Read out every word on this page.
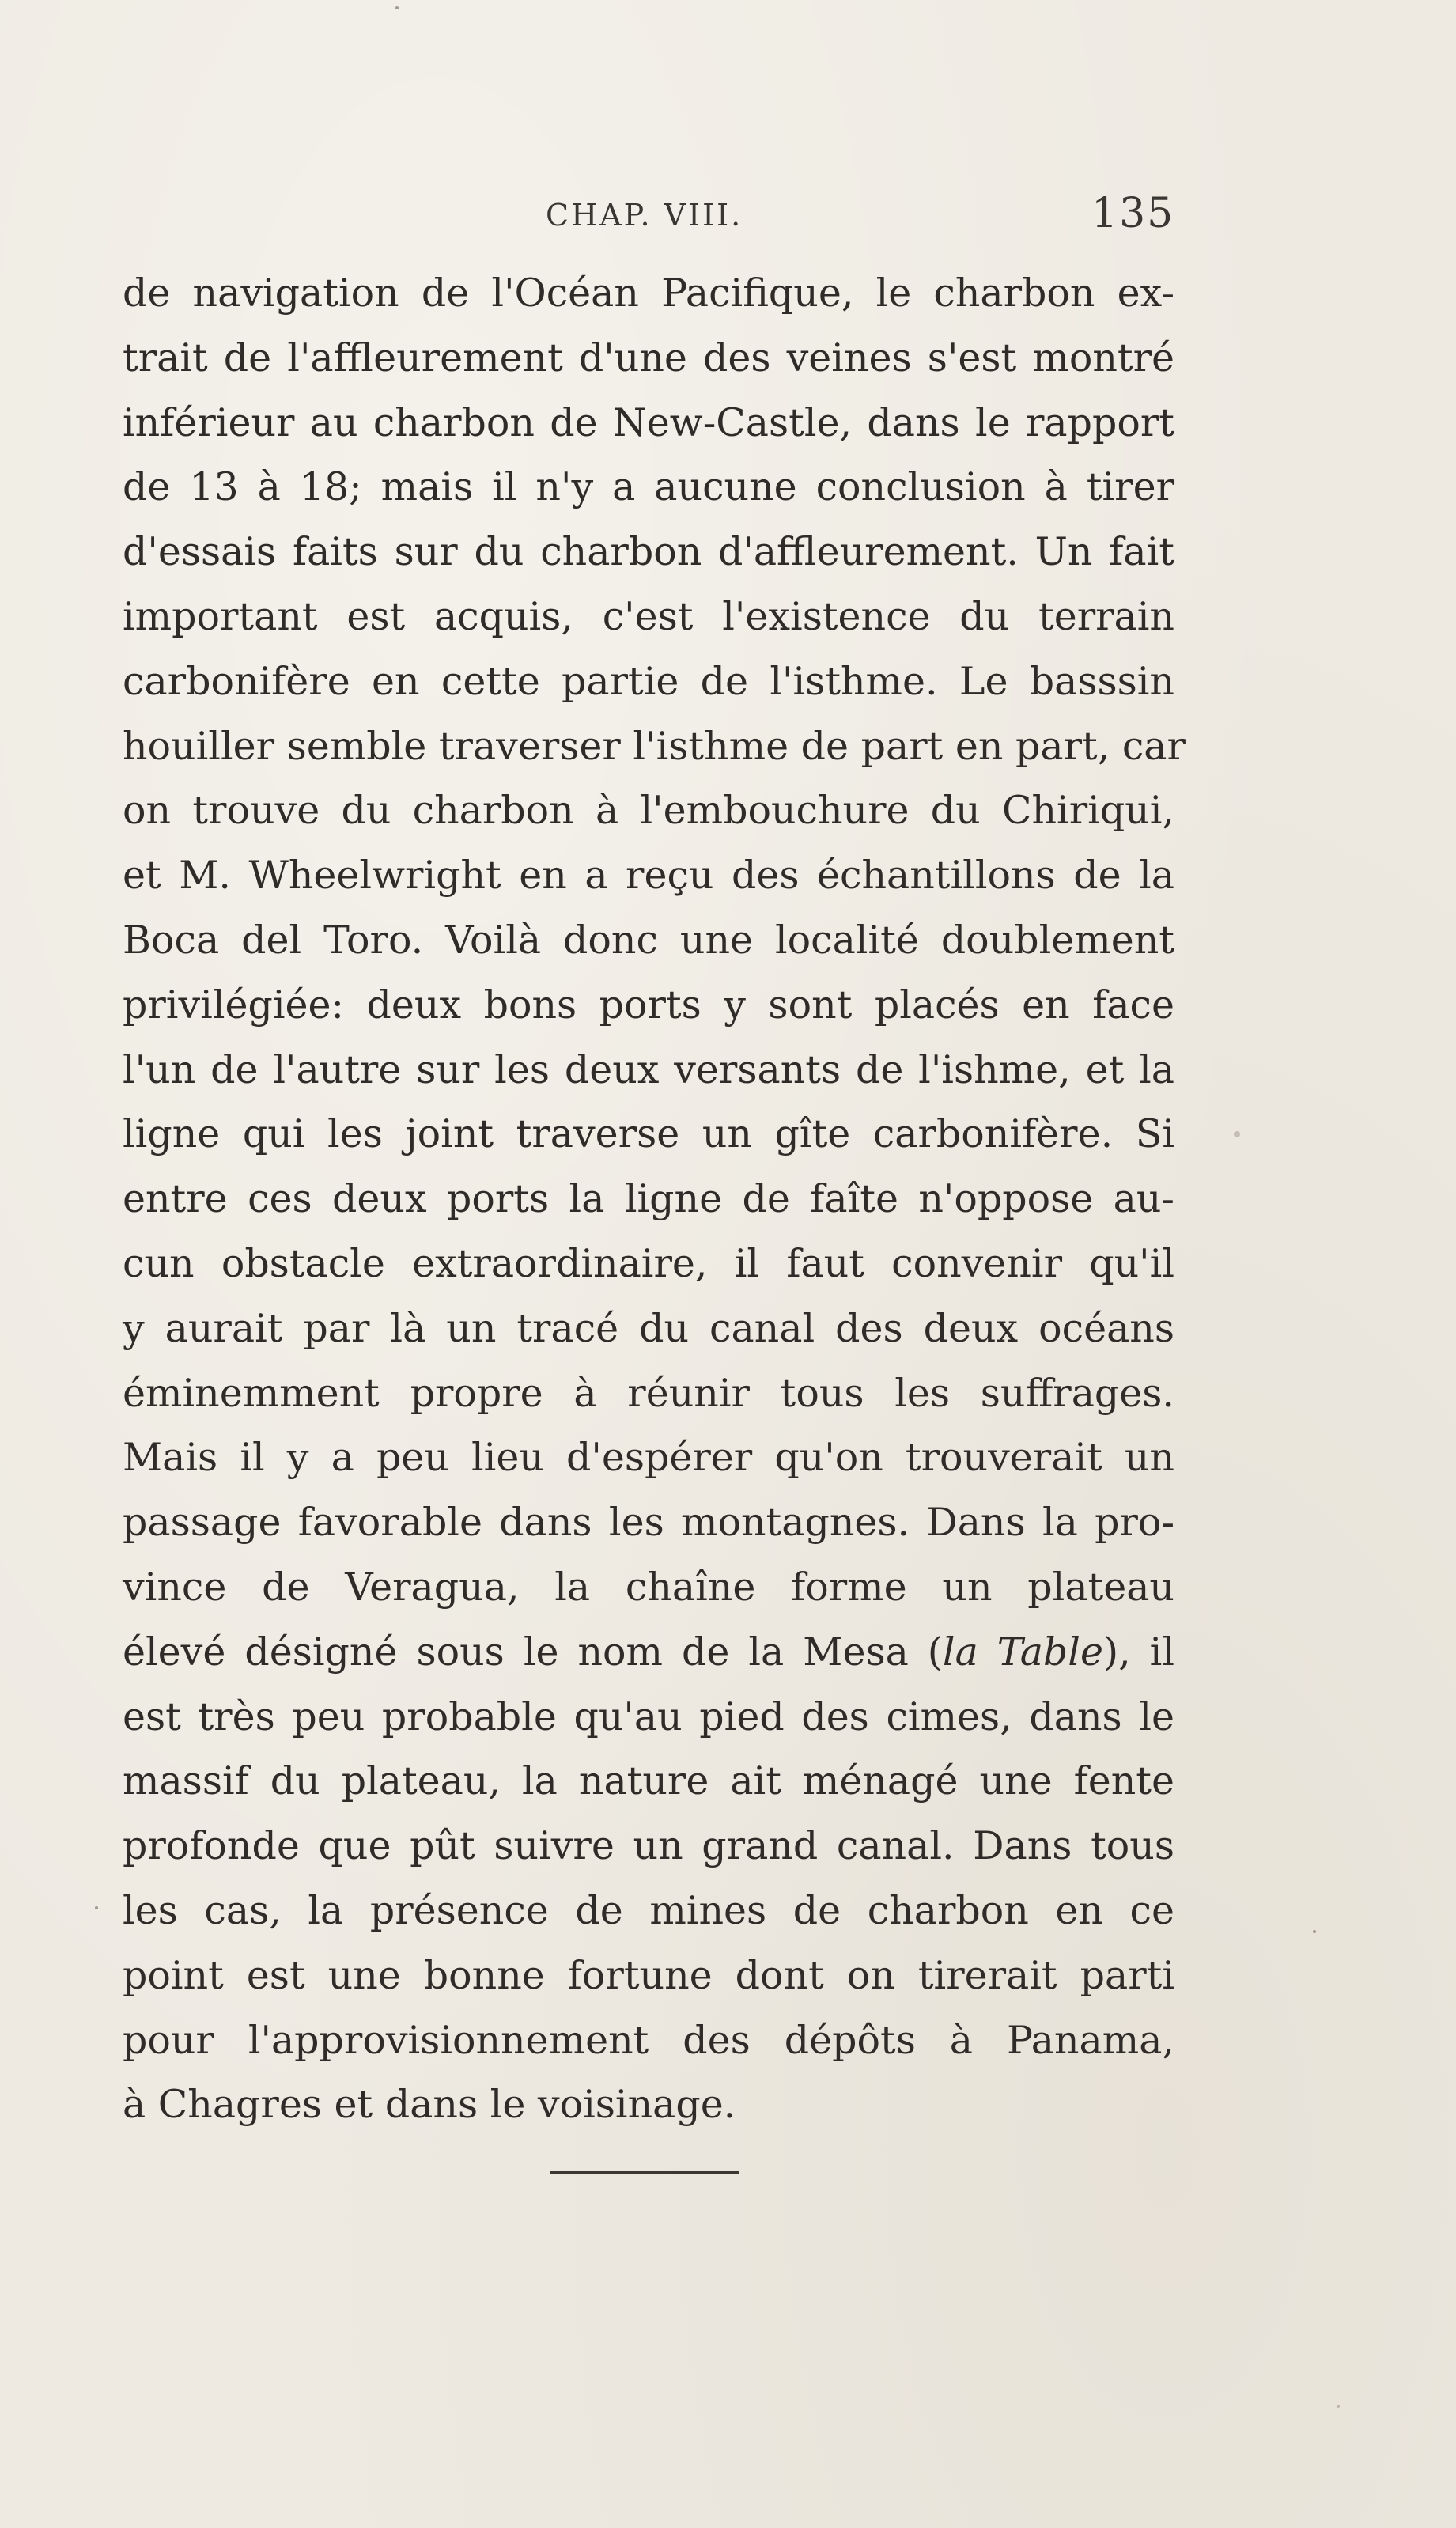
CHAP. VIII.	135
de navigation de l'Océan Pacifique, le charbon ex-
trait de l'affleurement d'une des veines s'est montré
inférieur au charbon de New-Castle, dans le rapport
de 13 à 18; mais il n'y a aucune conclusion à tirer
d'essais faits sur du charbon d'affleurement. Un fait
important est acquis, c'est l'existence du terrain
carbonifère en cette partie de l'isthme. Le basssin
houiller semble traverser l'isthme de part en part, car
on trouve du charbon à l'embouchure du Chiriqui,
et M. Wheelwright en a reçu des échantillons de la
Boca del Toro. Voilà donc une localité doublement
privilégiée: deux bons ports y sont placés en face
l'un de l'autre sur les deux versants de l'ishme, et la
ligne qui les joint traverse un gîte carbonifère. Si
entre ces deux ports la ligne de faîte n'oppose au-
cun obstacle extraordinaire, il faut convenir qu'il
y aurait par là un tracé du canal des deux océans
éminemment propre à réunir tous les suffrages.
Mais il y a peu lieu d'espérer qu'on trouverait un
passage favorable dans les montagnes. Dans la pro-
vince de Veragua, la chaîne forme un plateau
élevé désigné sous le nom de la Mesa (la Table), il
est très peu probable qu'au pied des cimes, dans le
massif du plateau, la nature ait ménagé une fente
profonde que pût suivre un grand canal. Dans tous
les cas, la présence de mines de charbon en ce
point est une bonne fortune dont on tirerait parti
pour l'approvisionnement des dépôts à Panama,
à Chagres et dans le voisinage.
